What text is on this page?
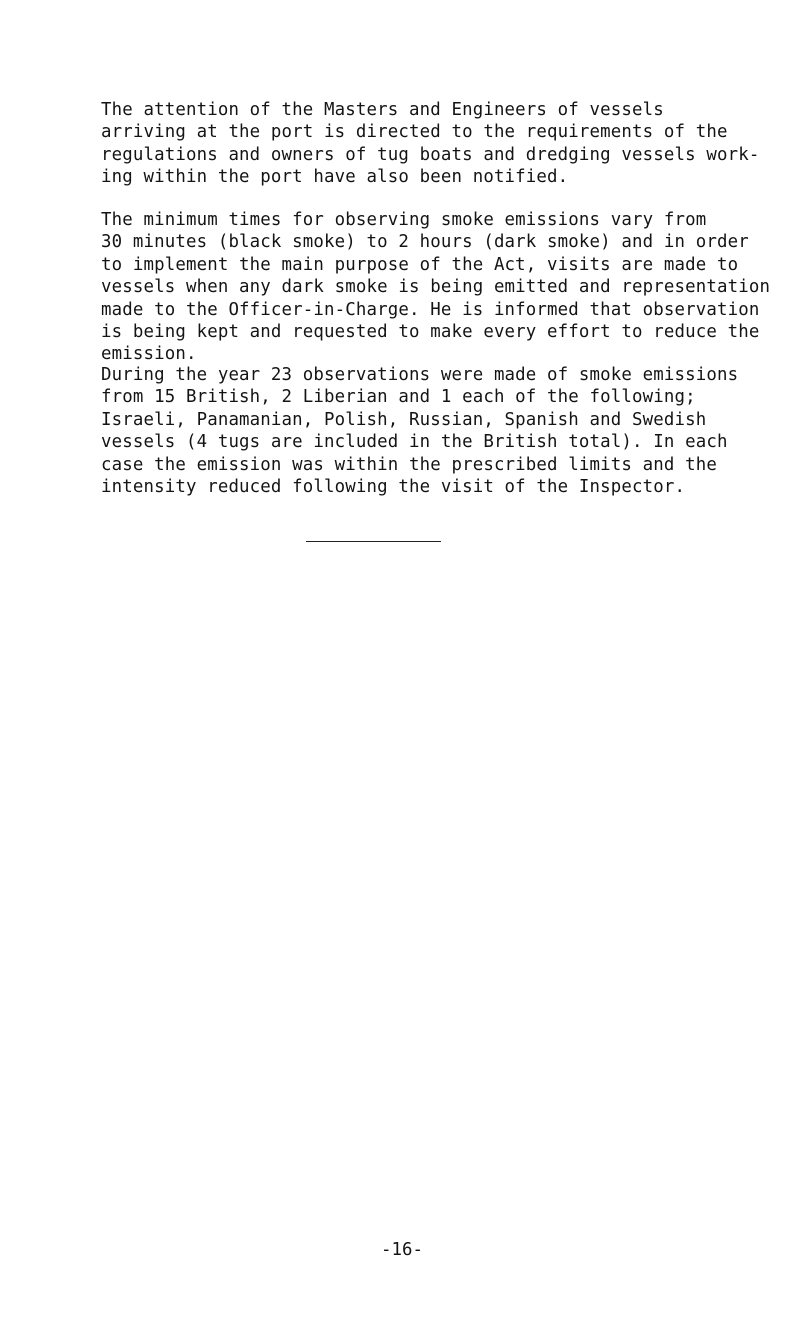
The attention of the Masters and Engineers of vessels
arriving at the port is directed to the requirements of the
regulations and owners of tug boats and dredging vessels work-
ing within the port have also been notified.
The minimum times for observing smoke emissions vary from
30 minutes (black smoke) to 2 hours (dark smoke) and in order
to implement the main purpose of the Act, visits are made to
vessels when any dark smoke is being emitted and representation
made to the Officer-in-Charge. He is informed that observation
is being kept and requested to make every effort to reduce the
emission.
During the year 23 observations were made of smoke emissions
from 15 British, 2 Liberian and 1 each of the following;
Israeli, Panamanian, Polish, Russian, Spanish and Swedish
vessels (4 tugs are included in the British total). In each
case the emission was within the prescribed limits and the
intensity reduced following the visit of the Inspector.

-16-
